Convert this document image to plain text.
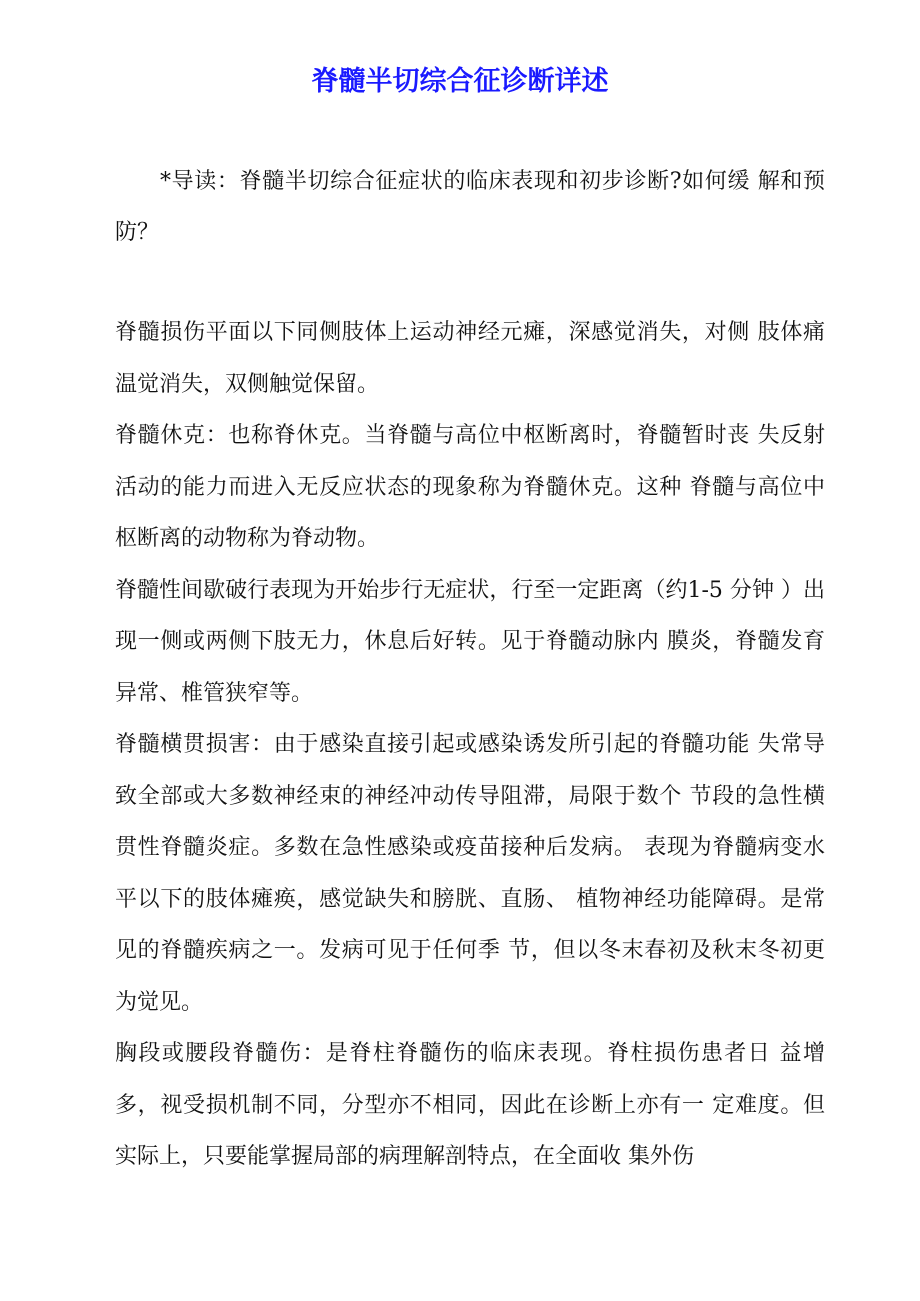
脊髓半切综合征诊断详述

*导读：脊髓半切综合征症状的临床表现和初步诊断?如何缓 解和预防？

脊髓损伤平面以下同侧肢体上运动神经元瘫，深感觉消失，对侧 肢体痛温觉消失，双侧触觉保留。

脊髓休克：也称脊休克。当脊髓与高位中枢断离时，脊髓暂时丧 失反射活动的能力而进入无反应状态的现象称为脊髓休克。这种 脊髓与高位中枢断离的动物称为脊动物。

脊髓性间歇破行表现为开始步行无症状，行至一定距离（约1-5 分钟 ）出现一侧或两侧下肢无力，休息后好转。见于脊髓动脉内 膜炎，脊髓发育异常、椎管狭窄等。

脊髓横贯损害：由于感染直接引起或感染诱发所引起的脊髓功能 失常导致全部或大多数神经束的神经冲动传导阻滞，局限于数个 节段的急性横贯性脊髓炎症。多数在急性感染或疫苗接种后发病。 表现为脊髓病变水平以下的肢体瘫痪，感觉缺失和膀胱、直肠、 植物神经功能障碍。是常见的脊髓疾病之一。发病可见于任何季 节，但以冬末春初及秋末冬初更为觉见。

胸段或腰段脊髓伤：是脊柱脊髓伤的临床表现。脊柱损伤患者日 益增多，视受损机制不同，分型亦不相同，因此在诊断上亦有一 定难度。但实际上，只要能掌握局部的病理解剖特点，在全面收 集外伤
